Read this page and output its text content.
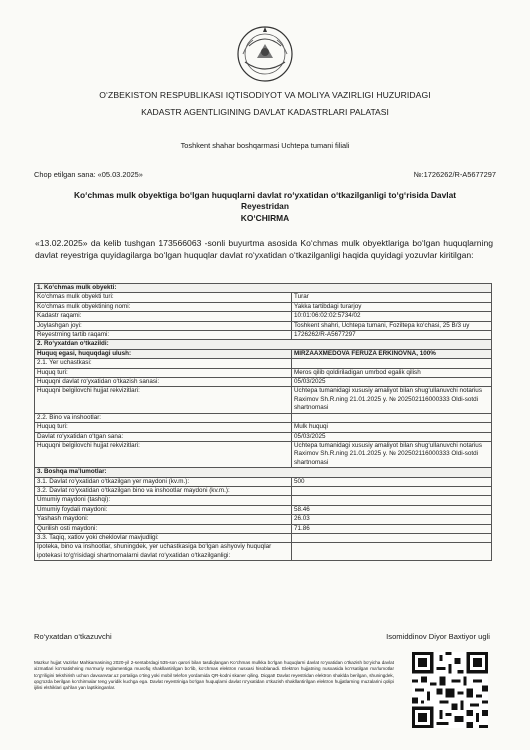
O‘ZBEKISTON RESPUBLIKASI IQTISODIYOT VA MOLIYA VAZIRLIGI HUZURIDAGI
KADASTR AGENTLIGINING DAVLAT KADASTRLARI PALATASI
Toshkent shahar boshqarmasi Uchtepa tumani filiali
Chop etilgan sana: «05.03.2025»	№:1726262/R-A5677297
Ko‘chmas mulk obyektiga bo‘lgan huquqlarni davlat ro‘yxatidan o‘tkazilganligi to‘g‘risida Davlat
Reyestridan
KO‘CHIRMA
«13.02.2025» da kelib tushgan 173566063 -sonli buyurtma asosida Ko‘chmas mulk obyektlariga bo‘lgan huquqlarning davlat reyestriga quyidagilarga bo‘lgan huquqlar davlat ro‘yxatidan o‘tkazilganligi haqida quyidagi yozuvlar kiritilgan:
1. Ko‘chmas mulk obyekti:	
Ko‘chmas mulk obyekti turi:	Turar
Ko‘chmas mulk obyektining nomi:	Yakka tartibdagi turarjoy
Kadastr raqami:	10:01:06:02:02:5734/02
Joylashgan joyi:	Toshkent shahri, Uchtepa tumani, Foziltepa ko‘chasi, 25 B/3 uy
Reyestrning tartib raqami:	1726262/R-A5677297
2. Ro‘yxatdan o‘tkazildi:	
Huquq egasi, huquqdagi ulush:	MIRZAAXMEDOVA FERUZA ERKINOVNA, 100%
2.1. Yer uchastkasi:	
Huquq turi:	Meros qilib qoldiriladigan umrbod egalik qilish
Huquqni davlat ro‘yxatidan o‘tkazish sanasi:	05/03/2025
Huquqni belgilovchi hujjat rekvizitlari:	Uchtepa tumanidagi xususiy amaliyot bilan shug‘ullanuvchi notarius Raximov Sh.R.ning 21.01.2025 y. № 202502116000333 Oldi-sotdi shartnomasi
2.2. Bino va inshootlar:	
Huquq turi:	Mulk huquqi
Davlat ro‘yxatidan o‘tgan sana:	05/03/2025
Huquqni belgilovchi hujjat rekvizitlari:	Uchtepa tumanidagi xususiy amaliyot bilan shug‘ullanuvchi notarius Raximov Sh.R.ning 21.01.2025 y. № 202502116000333 Oldi-sotdi shartnomasi
3. Boshqa ma’lumotlar:	
3.1. Davlat ro‘yxatidan o‘tkazilgan yer maydoni (kv.m.):	500
3.2. Davlat ro‘yxatidan o‘tkazilgan bino va inshootlar maydoni (kv.m.):	
Umumiy maydoni (tashqi):	
Umumiy foydali maydoni:	58.46
Yashash maydoni:	26.03
Qurilish osti maydoni:	71.86
3.3. Taqiq, xatlov yoki cheklovlar mavjudligi:	
Ipoteka, bino va inshootlar, shuningdek, yer uchastkasiga bo‘lgan ashyoviy huquqlar ipotekasi to‘g‘risidagi shartnomalarni davlat ro‘yxatidan o‘tkazilganligi:	
Ro‘yxatdan o‘tkazuvchi	Isomiddinov Diyor Baxtiyor ugli
Mazkur hujjat Vazirlar Mahkamasining 2020-yil 2-sentabrdagi 535-son qarori bilan tasdiqlangan Ko‘chmas mulkka bo‘lgan huquqlarni davlat ro‘yxatidan o‘tkazish bo‘yicha davlat xizmatlari ko‘rsatishning ma’muriy reglamentiga muvofiq shakllantirilgan bo‘lib, ko‘chmas elektron nusxasi hisoblanadi. Elektron hujjatning nusxasida ko‘rsatilgan ma’lumotlar to‘g‘riligini tekshirish uchun davxanvtar.uz portaliga o‘ting yoki mobil telefon yordamida QR-kodni skaner qiling. Diqqat! Davlat reyestridan elektron shaklda berilgan, shuningdek, qog‘ozda berilgan ko‘chirmalar teng yuridik kuchga ega. Davlat reyestriniga bo‘lgan huquqlarni davlat ro‘yxatidan o‘tkazish shakllantirilgan elektron hujjatlarning muzalarini qolipi ijilisi elshiklari qal‘ilan yan laptikinganlar.
